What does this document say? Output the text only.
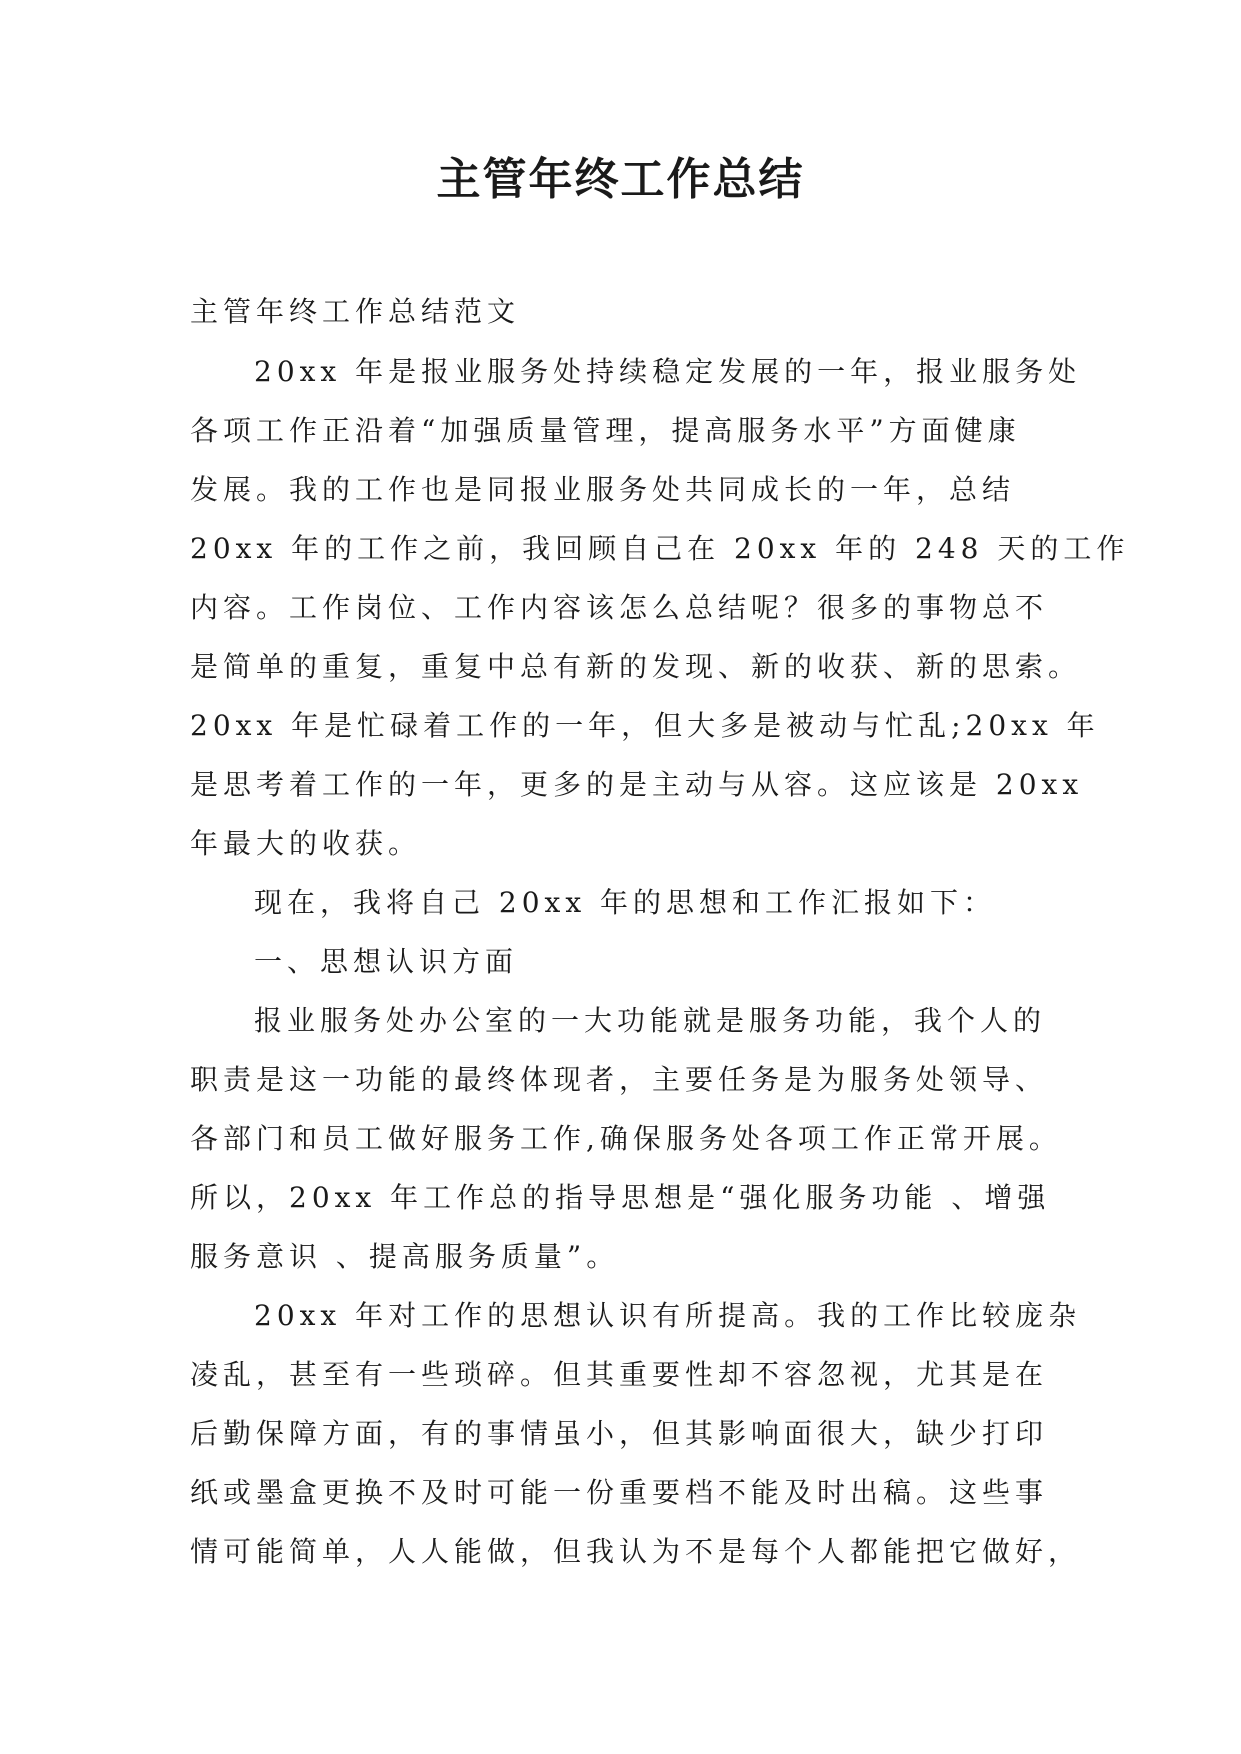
主管年终工作总结
主管年终工作总结范文
20xx 年是报业服务处持续稳定发展的一年，报业服务处
各项工作正沿着“加强质量管理，提高服务水平”方面健康
发展。我的工作也是同报业服务处共同成长的一年，总结
20xx 年的工作之前，我回顾自己在 20xx 年的 248 天的工作
内容。工作岗位、工作内容该怎么总结呢？很多的事物总不
是简单的重复，重复中总有新的发现、新的收获、新的思索。
20xx 年是忙碌着工作的一年，但大多是被动与忙乱;20xx 年
是思考着工作的一年，更多的是主动与从容。这应该是 20xx
年最大的收获。
现在，我将自己 20xx 年的思想和工作汇报如下：
一、思想认识方面
报业服务处办公室的一大功能就是服务功能，我个人的
职责是这一功能的最终体现者，主要任务是为服务处领导、
各部门和员工做好服务工作,确保服务处各项工作正常开展。
所以，20xx 年工作总的指导思想是“强化服务功能 、增强
服务意识 、提高服务质量”。
20xx 年对工作的思想认识有所提高。我的工作比较庞杂
凌乱，甚至有一些琐碎。但其重要性却不容忽视，尤其是在
后勤保障方面，有的事情虽小，但其影响面很大，缺少打印
纸或墨盒更换不及时可能一份重要档不能及时出稿。这些事
情可能简单，人人能做，但我认为不是每个人都能把它做好，
